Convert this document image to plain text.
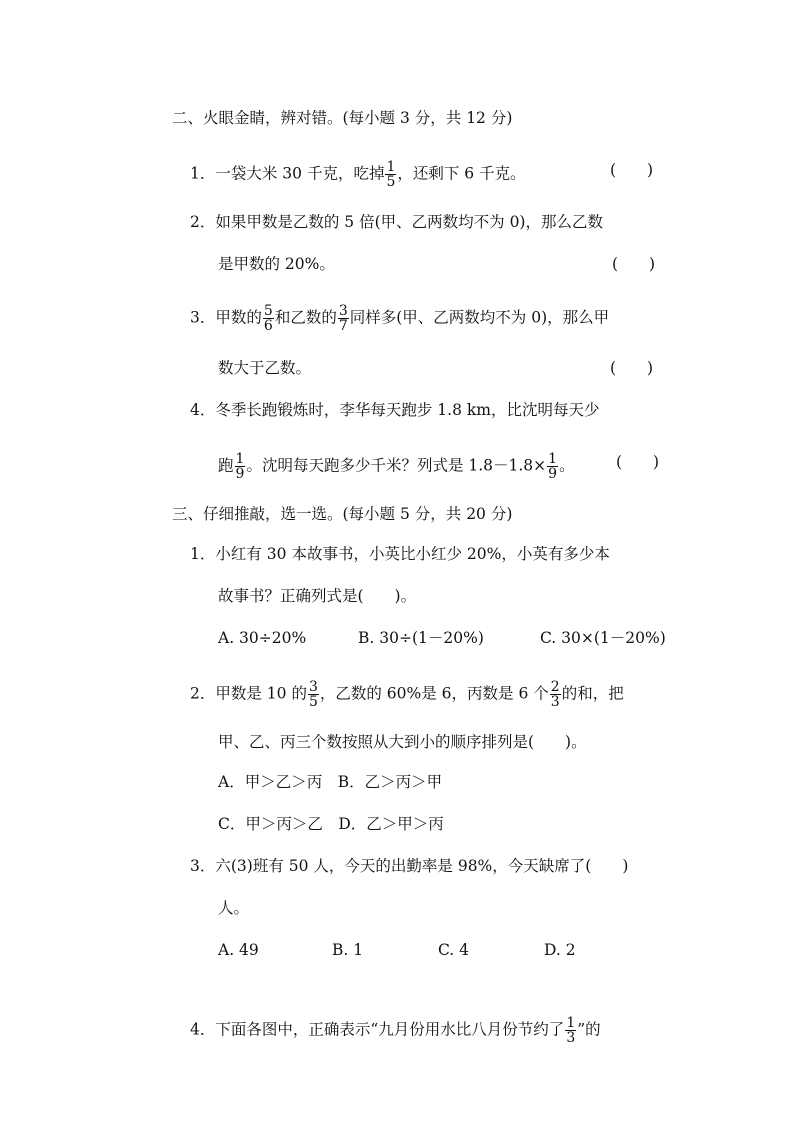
二、火眼金睛，辨对错。(每小题 3 分，共 12 分)
1．一袋大米 30 千克，吃掉 $\frac{1}{5}$ ，还剩下 6 千克。	(　　)
2．如果甲数是乙数的 5 倍(甲、乙两数均不为 0)，那么乙数
是甲数的 20%。	(　　)
3．甲数的 $\frac{5}{6}$ 和乙数的 $\frac{3}{7}$ 同样多(甲、乙两数均不为 0)，那么甲
数大于乙数。	(　　)
4．冬季长跑锻炼时，李华每天跑步 1.8 km，比沈明每天少
跑 $\frac{1}{9}$ 。沈明每天跑多少千米？列式是 $1.8-1.8\times \frac{1}{9}$ 。	(　　)
三、仔细推敲，选一选。(每小题 5 分，共 20 分)
1．小红有 30 本故事书，小英比小红少 20%，小英有多少本
故事书？正确列式是(　　)。
A. 30÷20%	B. 30÷(1－20%)	C. 30×(1－20%)
2．甲数是 10 的 $\frac{3}{5}$ ，乙数的 60%是 6，丙数是 6 个 $\frac{2}{3}$ 的和，把
甲、乙、丙三个数按照从大到小的顺序排列是(　　)。
A．甲＞乙＞丙　B．乙＞丙＞甲
C．甲＞丙＞乙　D．乙＞甲＞丙
3．六(3)班有 50 人，今天的出勤率是 98%，今天缺席了(　　)
人。
A. 49	B. 1	C. 4	D. 2
4．下面各图中，正确表示“九月份用水比八月份节约了 $\frac{1}{3}$ ”的
